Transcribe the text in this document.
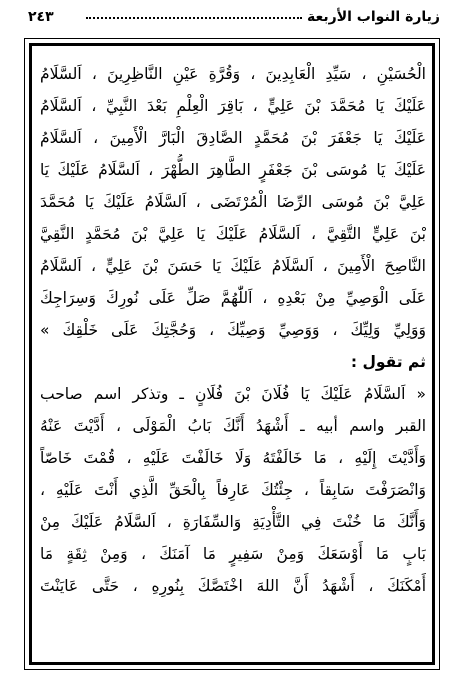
زيارة النواب الأربعة
٢٤٣
الْحُسَيْنِ ، سَيِّدِ الْعَابِدِينَ ، وَقُرَّةِ عَيْنِ النَّاظِرِينَ ، اَلسَّلَامُ
عَلَيْكَ يَا مُحَمَّدَ بْنَ عَلِيٍّ ، بَاقِرَ الْعِلْمِ بَعْدَ النَّبِيِّ ، اَلسَّلَامُ
عَلَيْكَ يَا جَعْفَرَ بْنَ مُحَمَّدٍ الصَّادِقَ الْبَارَّ الْأَمِينَ ، اَلسَّلَامُ
عَلَيْكَ يَا مُوسَى بْنَ جَعْفَرٍ الطَّاهِرَ الطُّهْرَ ، اَلسَّلَامُ عَلَيْكَ يَا
عَلِيَّ بْنَ مُوسَى الرِّضَا الْمُرْتَضَى ، اَلسَّلَامُ عَلَيْكَ يَا مُحَمَّدَ
بْنَ عَلِيٍّ التَّقِيَّ ، اَلسَّلَامُ عَلَيْكَ يَا عَلِيَّ بْنَ مُحَمَّدٍ النَّقِيَّ
النَّاصِحَ الْأَمِينَ ، اَلسَّلَامُ عَلَيْكَ يَا حَسَنَ بْنَ عَلِيٍّ ، اَلسَّلَامُ
عَلَى الْوَصِيِّ مِنْ بَعْدِهِ ، اَللّٰهُمَّ صَلِّ عَلَى نُورِكَ وَسِرَاجِكَ
وَوَلِيِّ وَلِيِّكَ ، وَوَصِيِّ وَصِيِّكَ ، وَحُجَّتِكَ عَلَى خَلْقِكَ »
ثم تقول :
« اَلسَّلَامُ عَلَيْكَ يَا فُلَانَ بْنَ فُلَانٍ ـ وتذكر اسم صاحب
القبر واسم أبيه ـ أَشْهَدُ أَنَّكَ بَابُ الْمَوْلَى ، أَدَّيْتَ عَنْهُ
وَأَدَّيْتَ إِلَيْهِ ، مَا خَالَفْتَهُ وَلَا خَالَفْتَ عَلَيْهِ ، قُمْتَ خَاصّاً
وَانْصَرَفْتَ سَابِقاً ، جِئْتُكَ عَارِفاً بِالْحَقِّ الَّذِي أَنْتَ عَلَيْهِ ،
وَأَنَّكَ مَا خُنْتَ فِي التَّأْدِيَةِ وَالسِّفَارَةِ ، اَلسَّلَامُ عَلَيْكَ مِنْ
بَابٍ مَا أَوْسَعَكَ وَمِنْ سَفِيرٍ مَا آمَنَكَ ، وَمِنْ ثِقَةٍ مَا
أَمْكَنَكَ ، أَشْهَدُ أَنَّ اللهَ اخْتَصَّكَ بِنُورِهِ ، حَتَّى عَايَنْتَ
